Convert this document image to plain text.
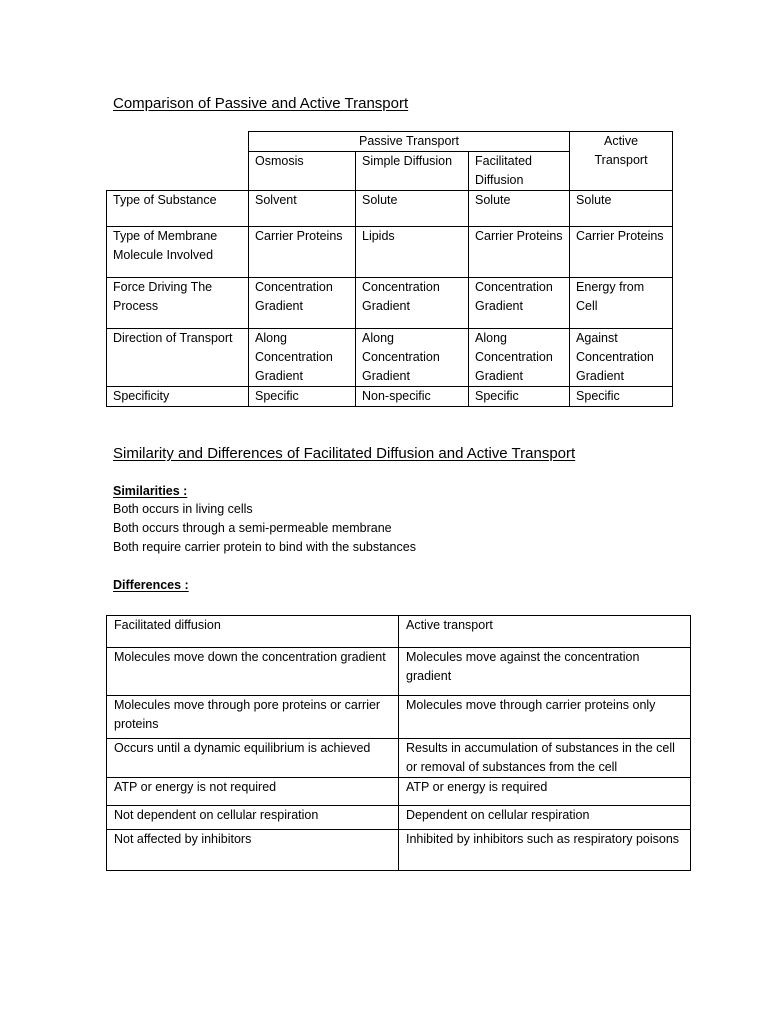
Comparison of Passive and Active Transport
	Passive Transport			Active Transport
	Osmosis	Simple Diffusion	Facilitated Diffusion	
Type of Substance	Solvent	Solute	Solute	Solute
Type of Membrane Molecule Involved	Carrier Proteins	Lipids	Carrier Proteins	Carrier Proteins
Force Driving The Process	Concentration Gradient	Concentration Gradient	Concentration Gradient	Energy from Cell
Direction of Transport	Along Concentration Gradient	Along Concentration Gradient	Along Concentration Gradient	Against Concentration Gradient
Specificity	Specific	Non-specific	Specific	Specific
Similarity and Differences of Facilitated Diffusion and Active Transport
Similarities :
Both occurs in living cells
Both occurs through a semi-permeable membrane
Both require carrier protein to bind with the substances
Differences :
Facilitated diffusion	Active transport
Molecules move down the concentration gradient	Molecules move against the concentration gradient
Molecules move through pore proteins or carrier proteins	Molecules move through carrier proteins only
Occurs until a dynamic equilibrium is achieved	Results in accumulation of substances in the cell or removal of substances from the cell
ATP or energy is not required	ATP or energy is required
Not dependent on cellular respiration	Dependent on cellular respiration
Not affected by inhibitors	Inhibited by inhibitors such as respiratory poisons
